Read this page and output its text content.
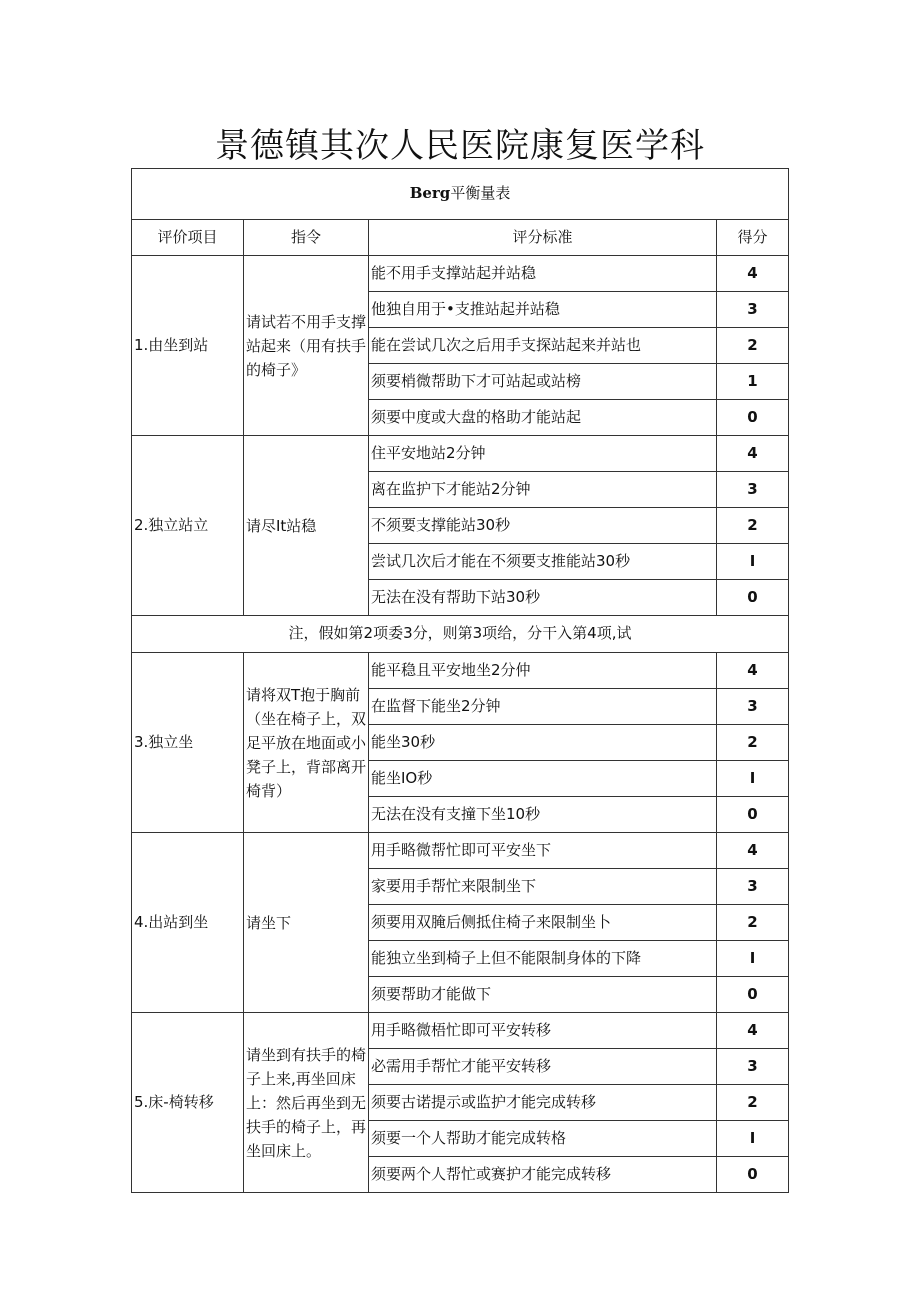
景德镇其次人民医院康复医学科
Berg平衡量表			
评价项目	指令	评分标准	得分
1.由坐到站	请试若不用手支撑站起来（用有扶手的椅子》	能不用手支撑站起并站稳	4
		他独自用于•支推站起并站稳	3
		能在尝试几次之后用手支探站起来并站也	2
		须要梢微帮助下才可站起或站榜	1
		须要中度或大盘的格助才能站起	0
2.独立站立	请尽It站稳	住平安地站2分钟	4
		离在监护下才能站2分钟	3
		不须要支撑能站30秒	2
		尝试几次后才能在不须要支推能站30秒	I
		无法在没有帮助下站30秒	0
注，假如第2项委3分，则第3项给，分干入第4项,试			
3.独立坐	请将双T抱于胸前（坐在椅子上，双足平放在地面或小凳子上，背部离开椅背）	能平稳且平安地坐2分仲	4
		在监督下能坐2分钟	3
		能坐30秒	2
		能坐IO秒	I
		无法在没有支撞下坐10秒	0
4.出站到坐	请坐下	用手略微帮忙即可平安坐下	4
		家要用手帮忙来限制坐下	3
		须要用双腌后侧抵住椅子来限制坐卜	2
		能独立坐到椅子上但不能限制身体的下降	I
		须要帮助才能做下	0
5.床-椅转移	请坐到有扶手的椅子上来,再坐回床上：然后再坐到无扶手的椅子上，再坐回床上。	用手略微梧忙即可平安转移	4
		必需用手帮忙才能平安转移	3
		须要古诺提示或监护才能完成转移	2
		须要一个人帮助才能完成转格	I
		须要两个人帮忙或赛护才能完成转移	0
